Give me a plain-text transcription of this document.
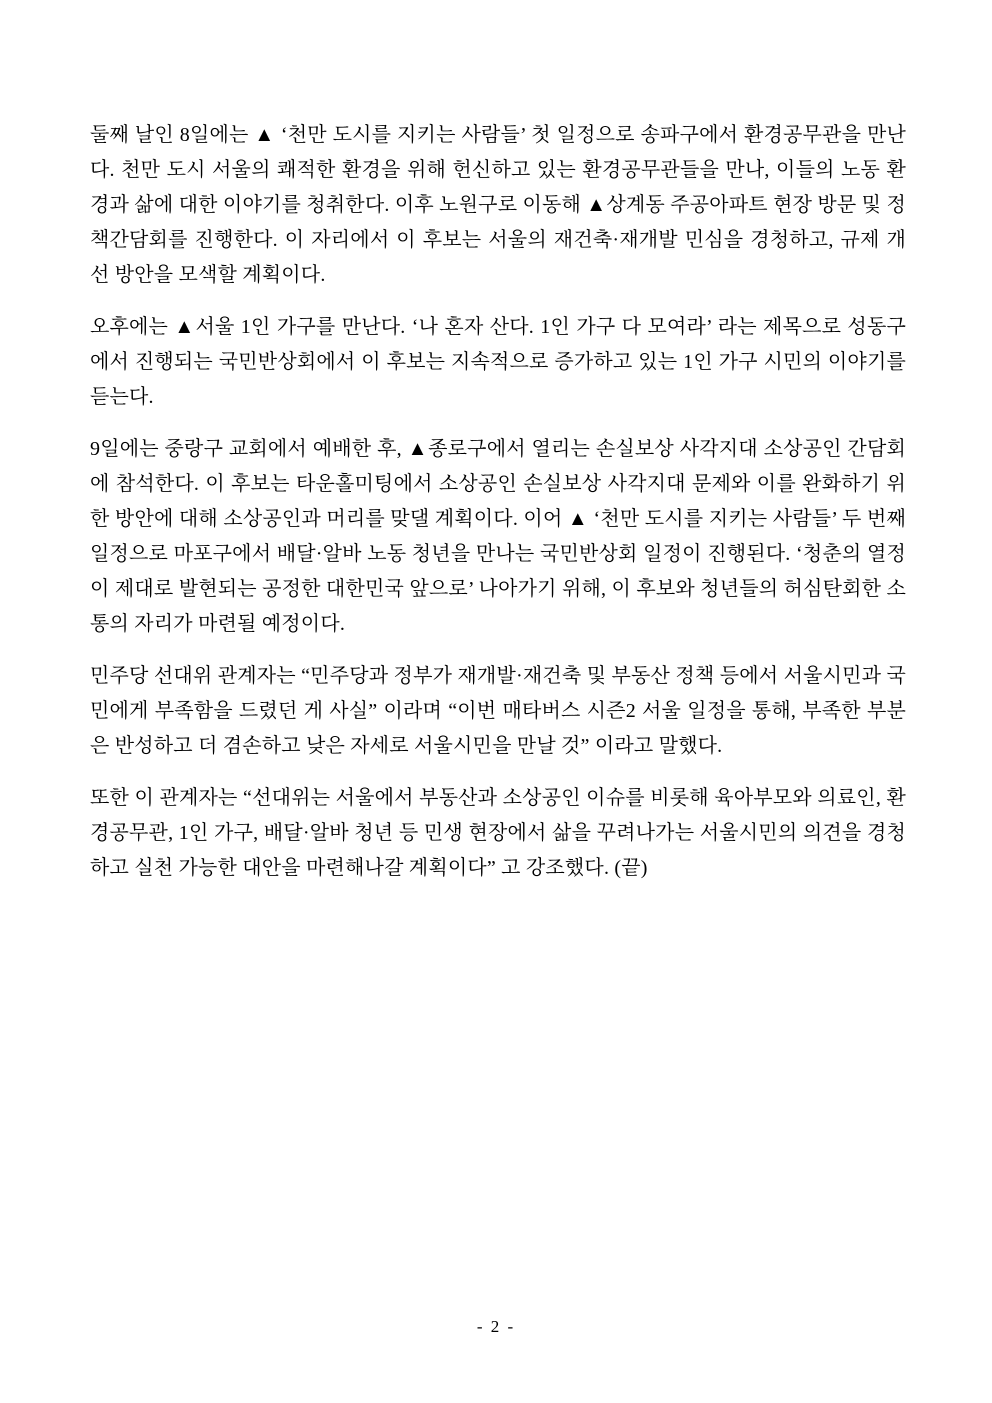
둘째 날인 8일에는 ▲ ‘천만 도시를 지키는 사람들’ 첫 일정으로 송파구에서 환경공무관을 만난다. 천만 도시 서울의 쾌적한 환경을 위해 헌신하고 있는 환경공무관들을 만나, 이들의 노동 환경과 삶에 대한 이야기를 청취한다. 이후 노원구로 이동해 ▲상계동 주공아파트 현장 방문 및 정책간담회를 진행한다. 이 자리에서 이 후보는 서울의 재건축·재개발 민심을 경청하고, 규제 개선 방안을 모색할 계획이다.

오후에는 ▲서울 1인 가구를 만난다. ‘나 혼자 산다. 1인 가구 다 모여라’ 라는 제목으로 성동구에서 진행되는 국민반상회에서 이 후보는 지속적으로 증가하고 있는 1인 가구 시민의 이야기를 듣는다.

9일에는 중랑구 교회에서 예배한 후, ▲종로구에서 열리는 손실보상 사각지대 소상공인 간담회에 참석한다. 이 후보는 타운홀미팅에서 소상공인 손실보상 사각지대 문제와 이를 완화하기 위한 방안에 대해 소상공인과 머리를 맞댈 계획이다. 이어 ▲ ‘천만 도시를 지키는 사람들’ 두 번째 일정으로 마포구에서 배달·알바 노동 청년을 만나는 국민반상회 일정이 진행된다. ‘청춘의 열정이 제대로 발현되는 공정한 대한민국 앞으로’ 나아가기 위해, 이 후보와 청년들의 허심탄회한 소통의 자리가 마련될 예정이다.

민주당 선대위 관계자는 “민주당과 정부가 재개발·재건축 및 부동산 정책 등에서 서울시민과 국민에게 부족함을 드렸던 게 사실” 이라며 “이번 매타버스 시즌2 서울 일정을 통해, 부족한 부분은 반성하고 더 겸손하고 낮은 자세로 서울시민을 만날 것” 이라고 말했다.

또한 이 관계자는 “선대위는 서울에서 부동산과 소상공인 이슈를 비롯해 육아부모와 의료인, 환경공무관, 1인 가구, 배달·알바 청년 등 민생 현장에서 삶을 꾸려나가는 서울시민의 의견을 경청하고 실천 가능한 대안을 마련해나갈 계획이다” 고 강조했다. (끝)

- 2 -
